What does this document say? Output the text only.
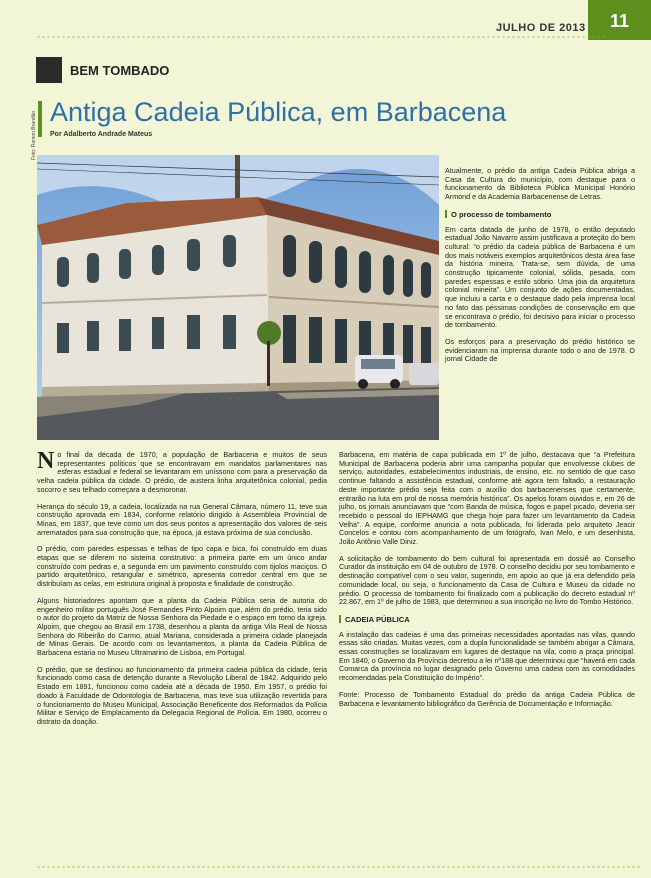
11
JULHO DE 2013
BEM TOMBADO
Antiga Cadeia Pública, em Barbacena
Por Adalberto Andrade Mateus
Foto: Ramon Brandão

Atualmente, o prédio da antiga Cadeia Pública abriga a Casa da Cultura do município, com destaque para o funcionamento da Biblioteca Pública Municipal Honório Armond e da Academia Barbacenense de Letras.

O processo de tombamento

Em carta datada de junho de 1978, o então deputado estadual João Navarro assim justificava a proteção do bem cultural: “o prédio da cadeia pública de Barbacena é um dos mais notáveis exemplos arquitetônicos desta área fase da história mineira. Trata-se, sem dúvida, de uma construção tipicamente colonial, sólida, pesada, com paredes espessas e estilo sóbrio. Uma jóia da arquitetura colonial mineira”. Um conjunto de ações documentadas, que incluiu a carta e o destaque dado pela imprensa local no fato das péssimas condições de conservação em que se encontrava o prédio, foi decisivo para iniciar o processo de tombamento.

Os esforços para a preservação do prédio histórico se evidenciaram na imprensa durante todo o ano de 1978. O jornal Cidade de

No final da década de 1970, a população de Barbacena e muitos de seus representantes políticos que se encontravam em mandatos parlamentares nas esferas estadual e federal se levantaram em uníssono com para a preservação da velha cadeia pública da cidade. O prédio, de austera linha arquitetônica colonial, pedia socorro e seu telhado começara a desmoronar.

Herança do século 19, a cadeia, localizada na rua General Câmara, número 11, teve sua construção aprovada em 1834, conforme relatório dirigido à Assembleia Provincial de Minas, em 1837, que teve como um dos seus pontos a apresentação dos valores de seis arrematados para sua construção que, na época, já estava próxima de sua conclusão.

O prédio, com paredes espessas e telhas de tipo capa e bica, foi construído em duas etapas que se diferem no sistema construtivo: a primeira parte em um único andar construído com pedras e, a segunda em um pavimento construído com tijolos maciços. O partido arquitetônico, retangular e simétrico, apresenta corredor central em que se distribuíam as celas, em estrutura original à proposta e finalidade de construção.

Alguns historiadores apontam que a planta da Cadeia Pública seria de autoria do engenheiro militar português José Fernandes Pinto Alpoim que, além do prédio, teria sido o autor do projeto da Matriz de Nossa Senhora da Piedade e o espaço em torno da igreja. Alpoim, que chegou ao Brasil em 1738, desenhou a planta da antiga Vila Real de Nossa Senhora do Ribeirão do Carmo, atual Mariana, considerada a primeira cidade planejada de Minas Gerais. De acordo com os levantamentos, a planta da Cadeia Pública de Barbacena estaria no Museu Ultramarino de Lisboa, em Portugal.

O prédio, que se destinou ao funcionamento da primeira cadeia pública da cidade, teria funcionado como casa de detenção durante a Revolução Liberal de 1842. Adquirido pelo Estado em 1891, funcionou como cadeia até a década de 1950. Em 1957, o prédio foi doado à Faculdade de Odontologia de Barbacena, mas teve sua utilização revertida para o funcionamento do Museu Municipal, Associação Beneficente dos Reformados da Polícia Militar e Serviço de Emplacamento da Delegacia Regional de Polícia. Em 1980, ocorreu o distrato da doação.

Barbacena, em matéria de capa publicada em 1º de julho, destacava que “a Prefeitura Municipal de Barbacena poderia abrir uma campanha popular que envolvesse clubes de serviço, autoridades, estabelecimentos industriais, de ensino, etc. no sentido de que caso continue faltando a assistência estadual, conforme até agora tem faltado, a restauração deste importante prédio seja feita com o auxílio dos barbacenenses que certamente, entrarão na luta em prol de nossa memória histórica”. Os apelos foram ouvidos e, em 26 de julho, os jornais anunciavam que “com Banda de música, fogos e papel picado, deveria ser recebido o pessoal do IEPHAMG que chega hoje para fazer um levantamento da Cadeia Velha”. A equipe, conforme anuncia a nota publicada, foi liderada pelo arquiteto Jeacir Concelos e contou com acompanhamento de um fotógrafo, Ivan Melo, e um desenhista, João Antônio Valle Diniz.

A solicitação de tombamento do bem cultural foi apresentada em dossiê ao Conselho Curador da instituição em 04 de outubro de 1978. O conselho decidiu por seu tombamento e destinação compatível com o seu valor, sugerindo, em apoio ao que já era defendido pela comunidade local, ou seja, o funcionamento da Casa de Cultura e Museu da cidade no prédio. O processo de tombamento foi finalizado com a publicação do decreto estadual nº 22.867, em 1º de julho de 1983, que determinou a sua inscrição no livro do Tombo Histórico.

CADEIA PÚBLICA

A instalação das cadeias é uma das primeiras necessidades apontadas nas vilas, quando essas são criadas. Muitas vezes, com a dupla funcionalidade se também abrigar a Câmara, essas construções se localizavam em lugares de destaque na vila, como a praça principal. Em 1840, o Governo da Província decretou a lei nº188 que determinou que “haverá em cada Comarca da província no lugar designado pelo Governo uma cadeia com as comodidades recomendadas pela Constituição do Império”.

Fonte: Processo de Tombamento Estadual do prédio da antiga Cadeia Pública de Barbacena e levantamento bibliográfico da Gerência de Documentação e Informação.
